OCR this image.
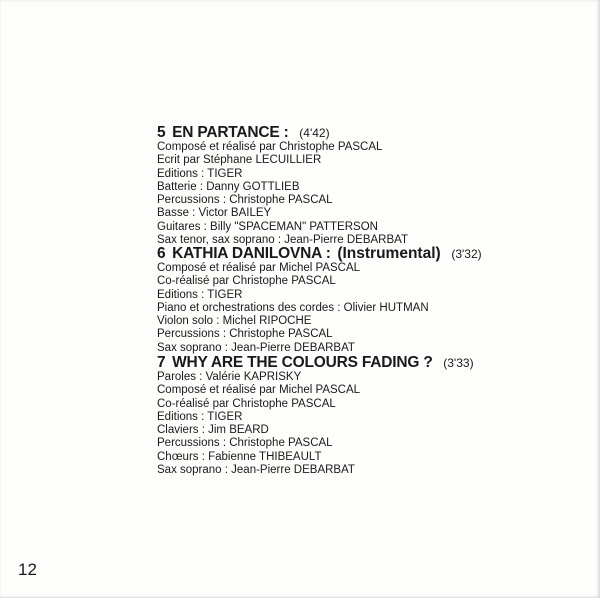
5 EN PARTANCE : (4'42)
Composé et réalisé par Christophe PASCAL
Ecrit par Stéphane LECUILLIER
Editions : TIGER
Batterie : Danny GOTTLIEB
Percussions : Christophe PASCAL
Basse : Victor BAILEY
Guitares : Billy "SPACEMAN" PATTERSON
Sax tenor, sax soprano : Jean-Pierre DEBARBAT
6 KATHIA DANILOVNA : (Instrumental) (3'32)
Composé et réalisé par Michel PASCAL
Co-réalisé par Christophe PASCAL
Editions : TIGER
Piano et orchestrations des cordes : Olivier HUTMAN
Violon solo : Michel RIPOCHE
Percussions : Christophe PASCAL
Sax soprano : Jean-Pierre DEBARBAT
7 WHY ARE THE COLOURS FADING ? (3'33)
Paroles : Valérie KAPRISKY
Composé et réalisé par Michel PASCAL
Co-réalisé par Christophe PASCAL
Editions : TIGER
Claviers : Jim BEARD
Percussions : Christophe PASCAL
Chœurs : Fabienne THIBEAULT
Sax soprano : Jean-Pierre DEBARBAT
12
